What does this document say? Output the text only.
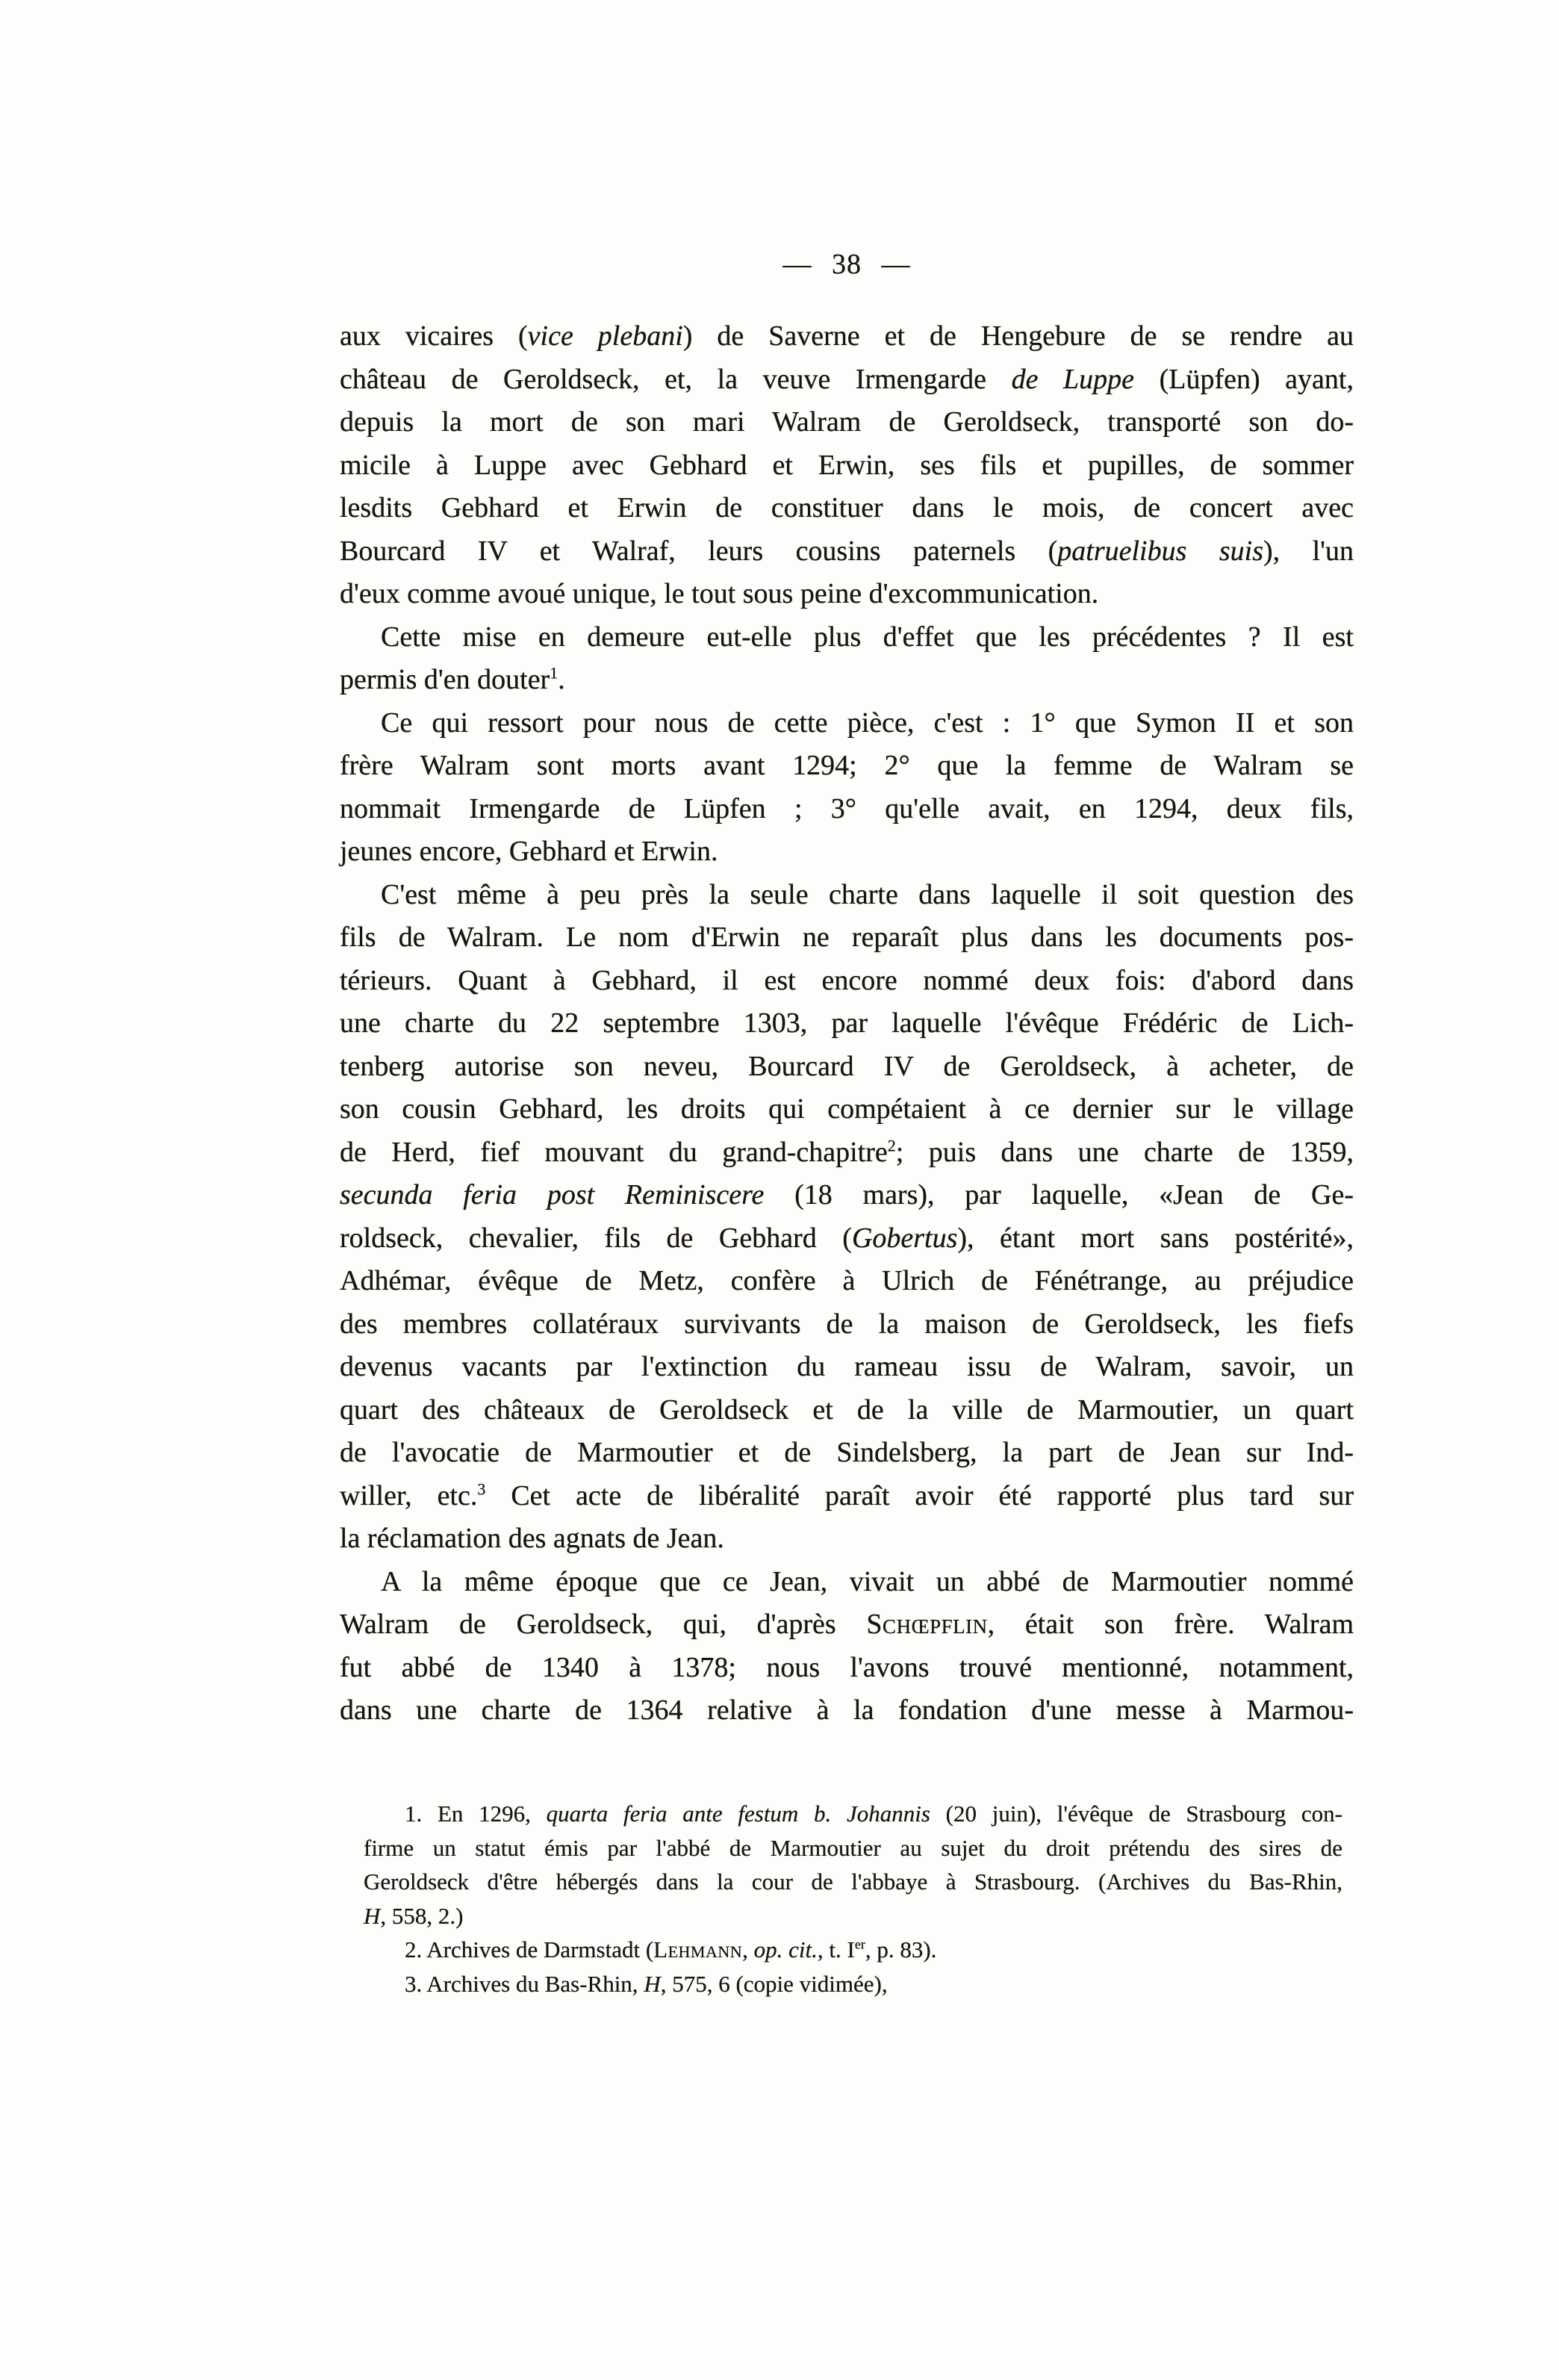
— 38 —
aux vicaires (vice plebani) de Saverne et de Hengebure de se rendre au
château de Geroldseck, et, la veuve Irmengarde de Luppe (Lüpfen) ayant,
depuis la mort de son mari Walram de Geroldseck, transporté son do-
micile à Luppe avec Gebhard et Erwin, ses fils et pupilles, de sommer
lesdits Gebhard et Erwin de constituer dans le mois, de concert avec
Bourcard IV et Walraf, leurs cousins paternels (patruelibus suis), l'un
d'eux comme avoué unique, le tout sous peine d'excommunication.
Cette mise en demeure eut-elle plus d'effet que les précédentes ? Il est
permis d'en douter$^1$.
Ce qui ressort pour nous de cette pièce, c'est : 1° que Symon II et son
frère Walram sont morts avant 1294; 2° que la femme de Walram se
nommait Irmengarde de Lüpfen ; 3° qu'elle avait, en 1294, deux fils,
jeunes encore, Gebhard et Erwin.
C'est même à peu près la seule charte dans laquelle il soit question des
fils de Walram. Le nom d'Erwin ne reparaît plus dans les documents pos-
térieurs. Quant à Gebhard, il est encore nommé deux fois: d'abord dans
une charte du 22 septembre 1303, par laquelle l'évêque Frédéric de Lich-
tenberg autorise son neveu, Bourcard IV de Geroldseck, à acheter, de
son cousin Gebhard, les droits qui compétaient à ce dernier sur le village
de Herd, fief mouvant du grand-chapitre$^2$; puis dans une charte de 1359,
secunda feria post Reminiscere (18 mars), par laquelle, «Jean de Ge-
roldseck, chevalier, fils de Gebhard (Gobertus), étant mort sans postérité»,
Adhémar, évêque de Metz, confère à Ulrich de Fénétrange, au préjudice
des membres collatéraux survivants de la maison de Geroldseck, les fiefs
devenus vacants par l'extinction du rameau issu de Walram, savoir, un
quart des châteaux de Geroldseck et de la ville de Marmoutier, un quart
de l'avocatie de Marmoutier et de Sindelsberg, la part de Jean sur Ind-
willer, etc.$^3$ Cet acte de libéralité paraît avoir été rapporté plus tard sur
la réclamation des agnats de Jean.
A la même époque que ce Jean, vivait un abbé de Marmoutier nommé
Walram de Geroldseck, qui, d'après Schœpflin, était son frère. Walram
fut abbé de 1340 à 1378; nous l'avons trouvé mentionné, notamment,
dans une charte de 1364 relative à la fondation d'une messe à Marmou-
1. En 1296, quarta feria ante festum b. Johannis (20 juin), l'évêque de Strasbourg con-
firme un statut émis par l'abbé de Marmoutier au sujet du droit prétendu des sires de
Geroldseck d'être hébergés dans la cour de l'abbaye à Strasbourg. (Archives du Bas-Rhin,
H, 558, 2.)
2. Archives de Darmstadt (Lehmann, op. cit., t. Ier, p. 83).
3. Archives du Bas-Rhin, H, 575, 6 (copie vidimée),
